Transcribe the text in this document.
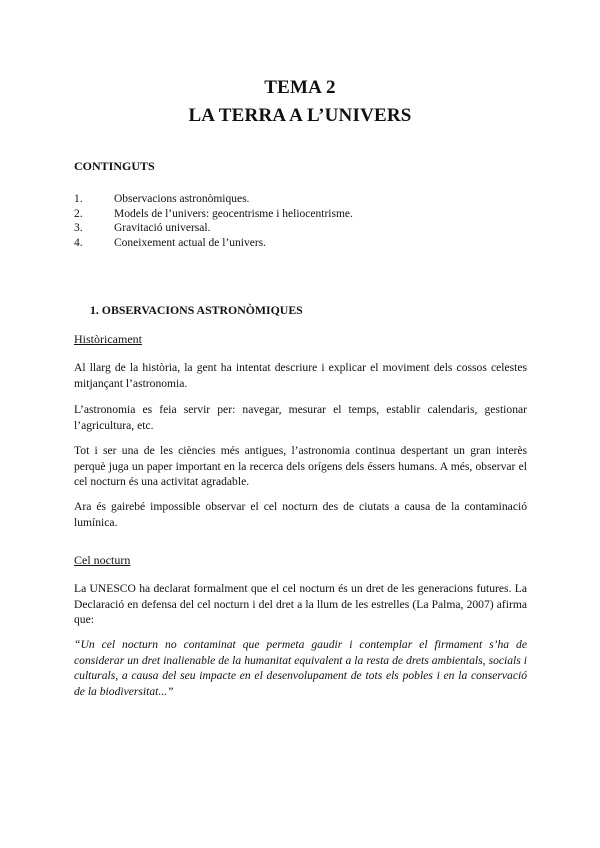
TEMA 2
LA TERRA A L’UNIVERS
CONTINGUTS
1.	Observacions astronòmiques.
2.	Models de l’univers: geocentrisme i heliocentrisme.
3.	Gravitació universal.
4.	Coneixement actual de l’univers.
1. OBSERVACIONS ASTRONÒMIQUES
Històricament

Al llarg de la història, la gent ha intentat descriure i explicar el moviment dels cossos celestes mitjançant l’astronomia.

L’astronomia es feia servir per: navegar, mesurar el temps, establir calendaris, gestionar l’agricultura, etc.

Tot i ser una de les ciències més antigues, l’astronomia continua despertant un gran interès perquè juga un paper important en la recerca dels orígens dels éssers humans. A més, observar el cel nocturn és una activitat agradable.

Ara és gairebé impossible observar el cel nocturn des de ciutats a causa de la contaminació lumínica.

Cel nocturn

La UNESCO ha declarat formalment que el cel nocturn és un dret de les generacions futures. La Declaració en defensa del cel nocturn i del dret a la llum de les estrelles (La Palma, 2007) afirma que:

“Un cel nocturn no contaminat que permeta gaudir i contemplar el firmament s’ha de considerar un dret inalienable de la humanitat equivalent a la resta de drets ambientals, socials i culturals, a causa del seu impacte en el desenvolupament de tots els pobles i en la conservació de la biodiversitat...”
